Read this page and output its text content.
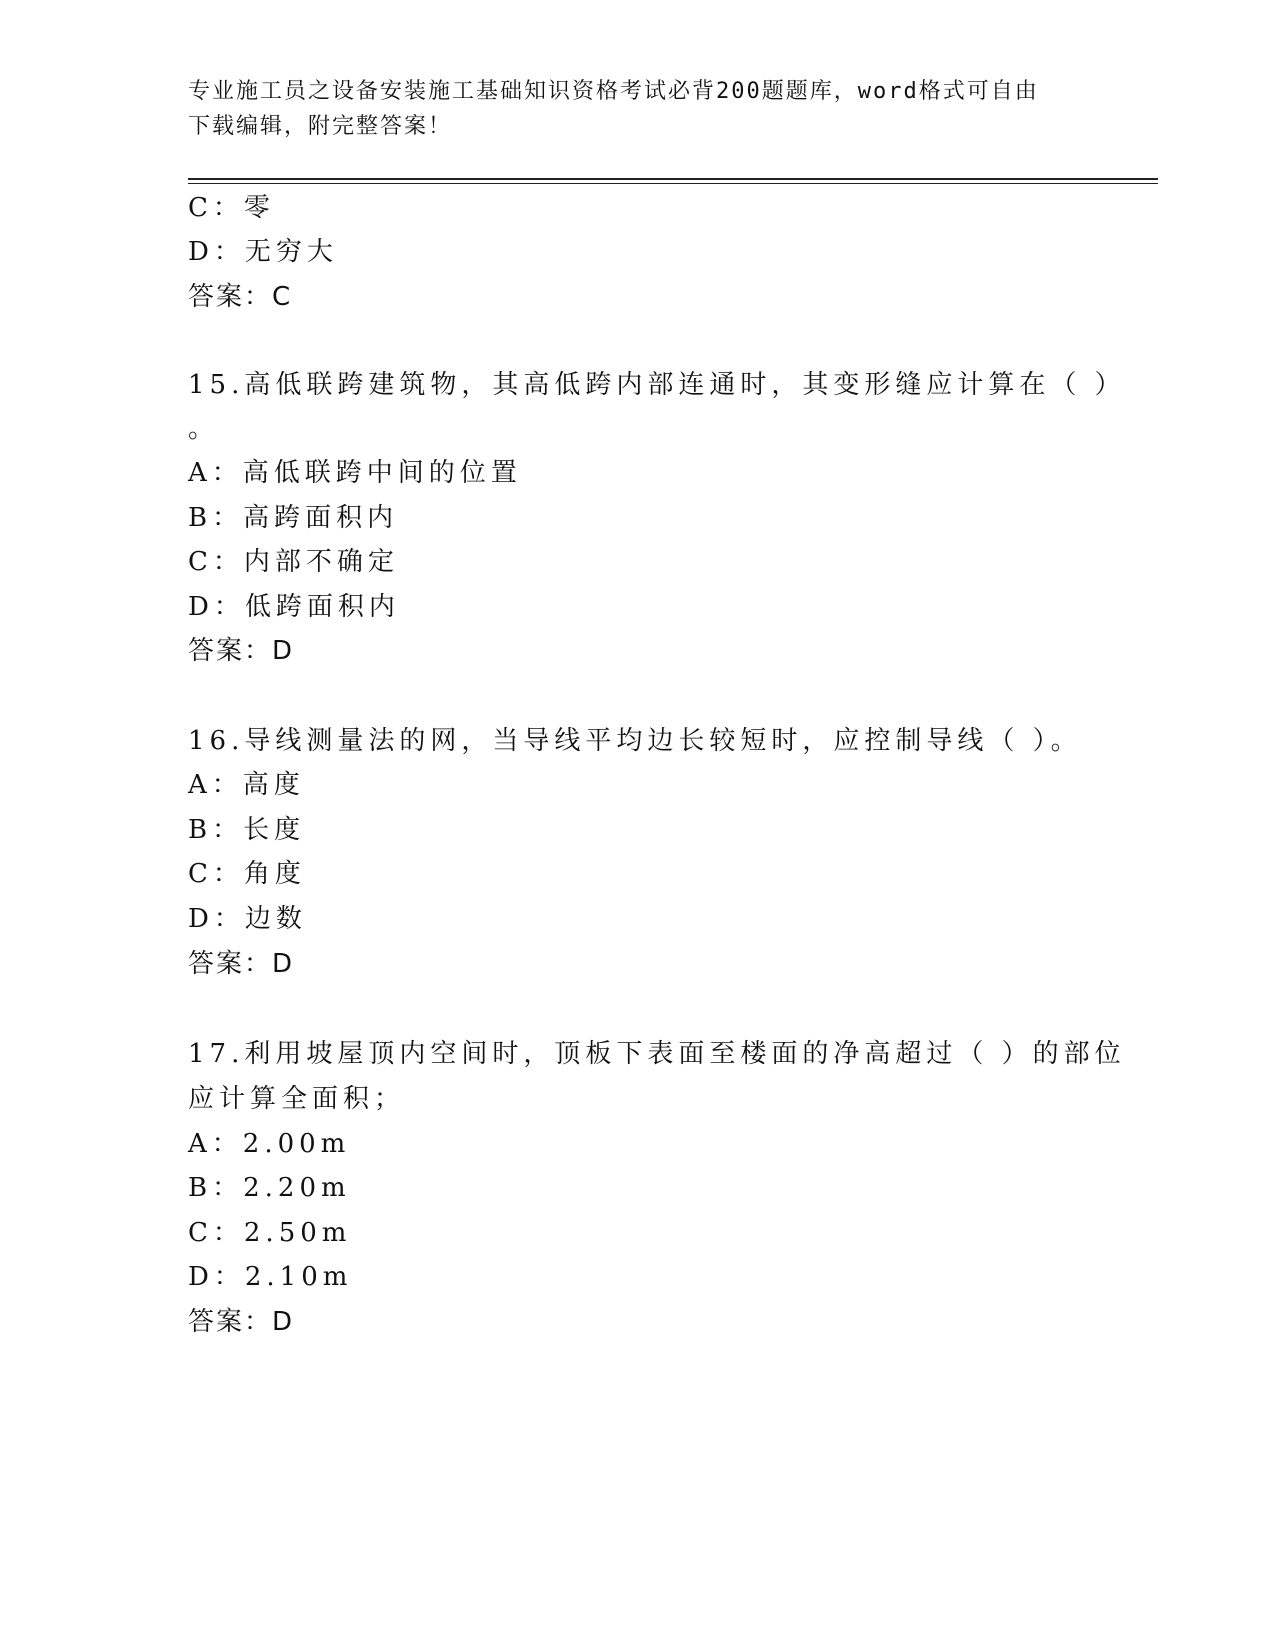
专业施工员之设备安装施工基础知识资格考试必背200题题库，word格式可自由
下载编辑，附完整答案！
C：零
D：无穷大
答案：C
15.高低联跨建筑物，其高低跨内部连通时，其变形缝应计算在（ ）
。
A：高低联跨中间的位置
B：高跨面积内
C：内部不确定
D：低跨面积内
答案：D
16.导线测量法的网，当导线平均边长较短时，应控制导线（ ）。
A：高度
B：长度
C：角度
D：边数
答案：D
17.利用坡屋顶内空间时，顶板下表面至楼面的净高超过（ ）的部位
应计算全面积；
A：2.00m
B：2.20m
C：2.50m
D：2.10m
答案：D
